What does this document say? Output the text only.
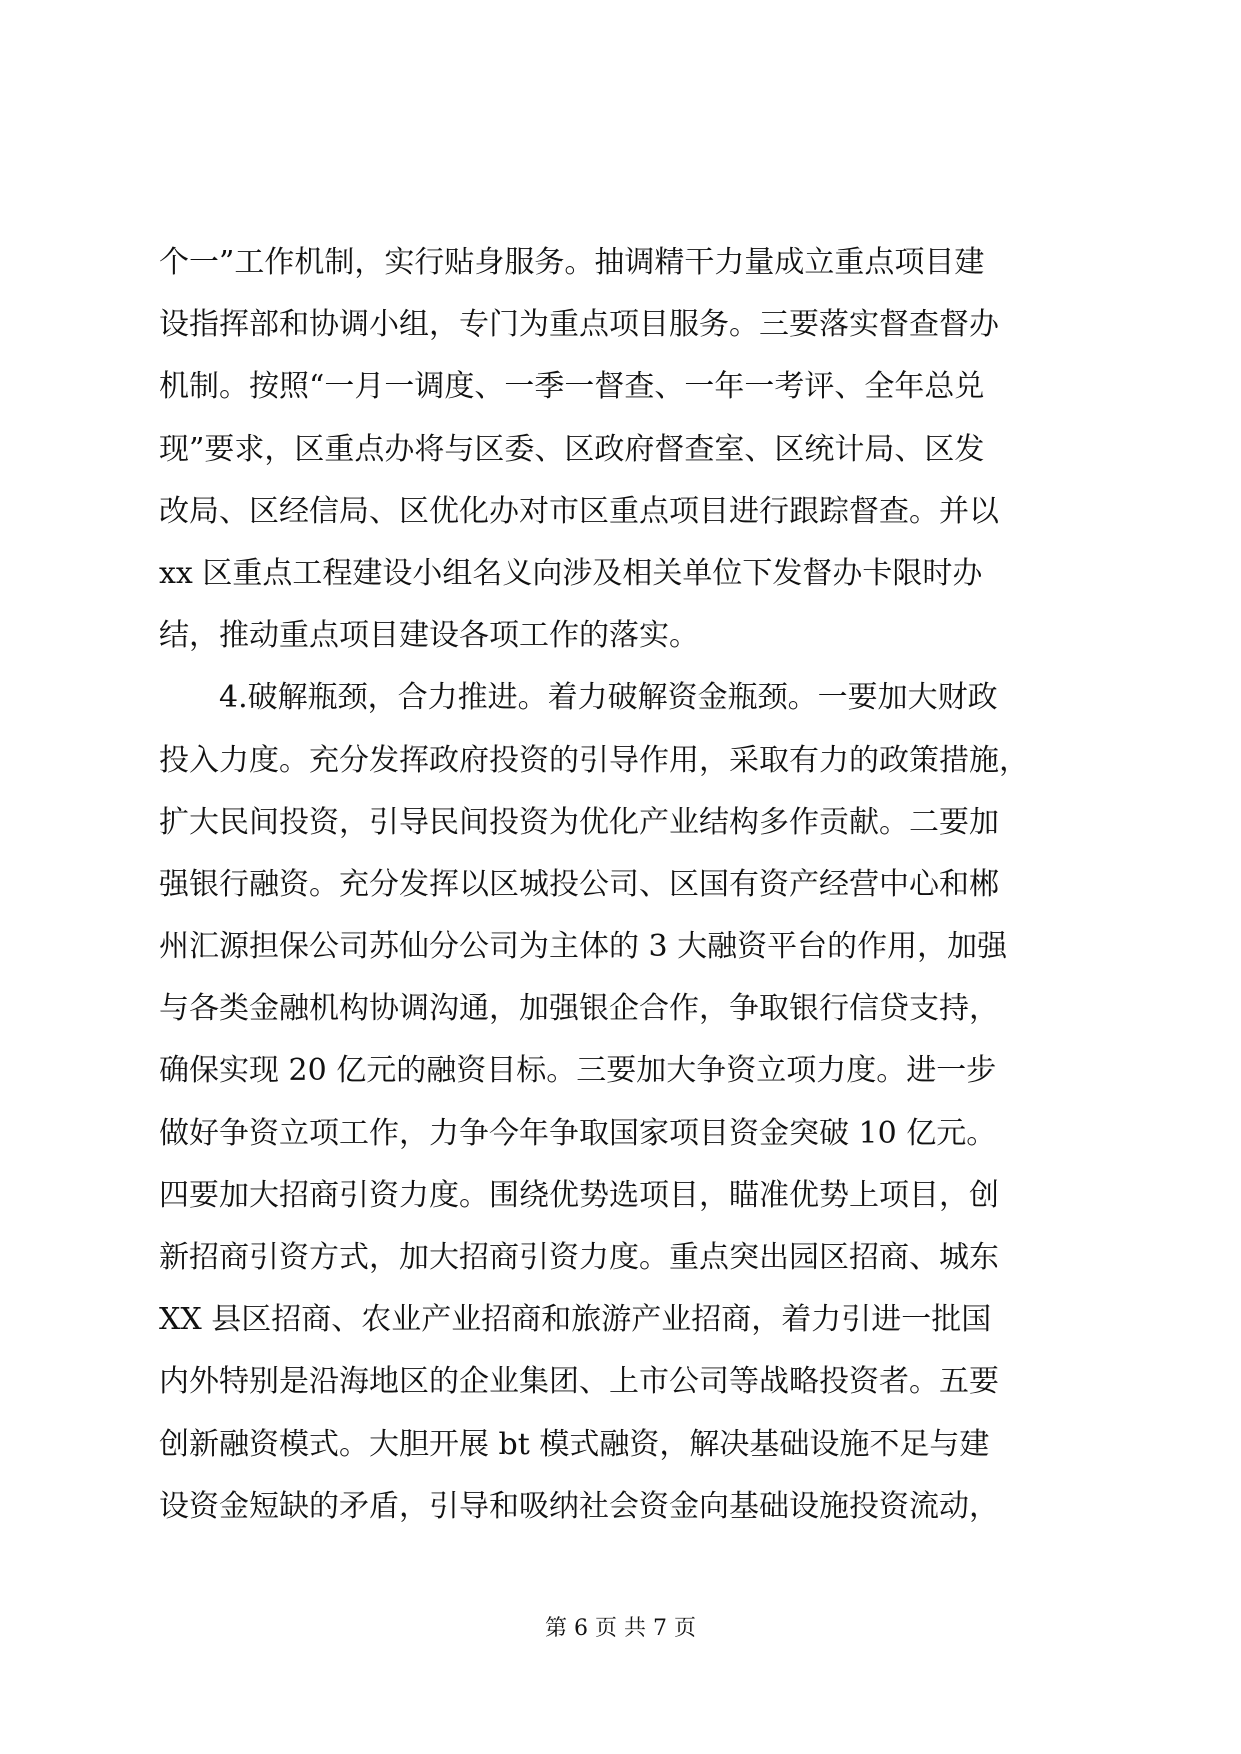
个一”工作机制，实行贴身服务。抽调精干力量成立重点项目建
设指挥部和协调小组，专门为重点项目服务。三要落实督查督办
机制。按照“一月一调度、一季一督查、一年一考评、全年总兑
现”要求，区重点办将与区委、区政府督查室、区统计局、区发
改局、区经信局、区优化办对市区重点项目进行跟踪督查。并以
xx 区重点工程建设小组名义向涉及相关单位下发督办卡限时办
结，推动重点项目建设各项工作的落实。
　　4.破解瓶颈，合力推进。着力破解资金瓶颈。一要加大财政
投入力度。充分发挥政府投资的引导作用，采取有力的政策措施，
扩大民间投资，引导民间投资为优化产业结构多作贡献。二要加
强银行融资。充分发挥以区城投公司、区国有资产经营中心和郴
州汇源担保公司苏仙分公司为主体的 3 大融资平台的作用，加强
与各类金融机构协调沟通，加强银企合作，争取银行信贷支持，
确保实现 20 亿元的融资目标。三要加大争资立项力度。进一步
做好争资立项工作，力争今年争取国家项目资金突破 10 亿元。
四要加大招商引资力度。围绕优势选项目，瞄准优势上项目，创
新招商引资方式，加大招商引资力度。重点突出园区招商、城东
XX 县区招商、农业产业招商和旅游产业招商，着力引进一批国
内外特别是沿海地区的企业集团、上市公司等战略投资者。五要
创新融资模式。大胆开展 bt 模式融资，解决基础设施不足与建
设资金短缺的矛盾，引导和吸纳社会资金向基础设施投资流动，
第 6 页 共 7 页
